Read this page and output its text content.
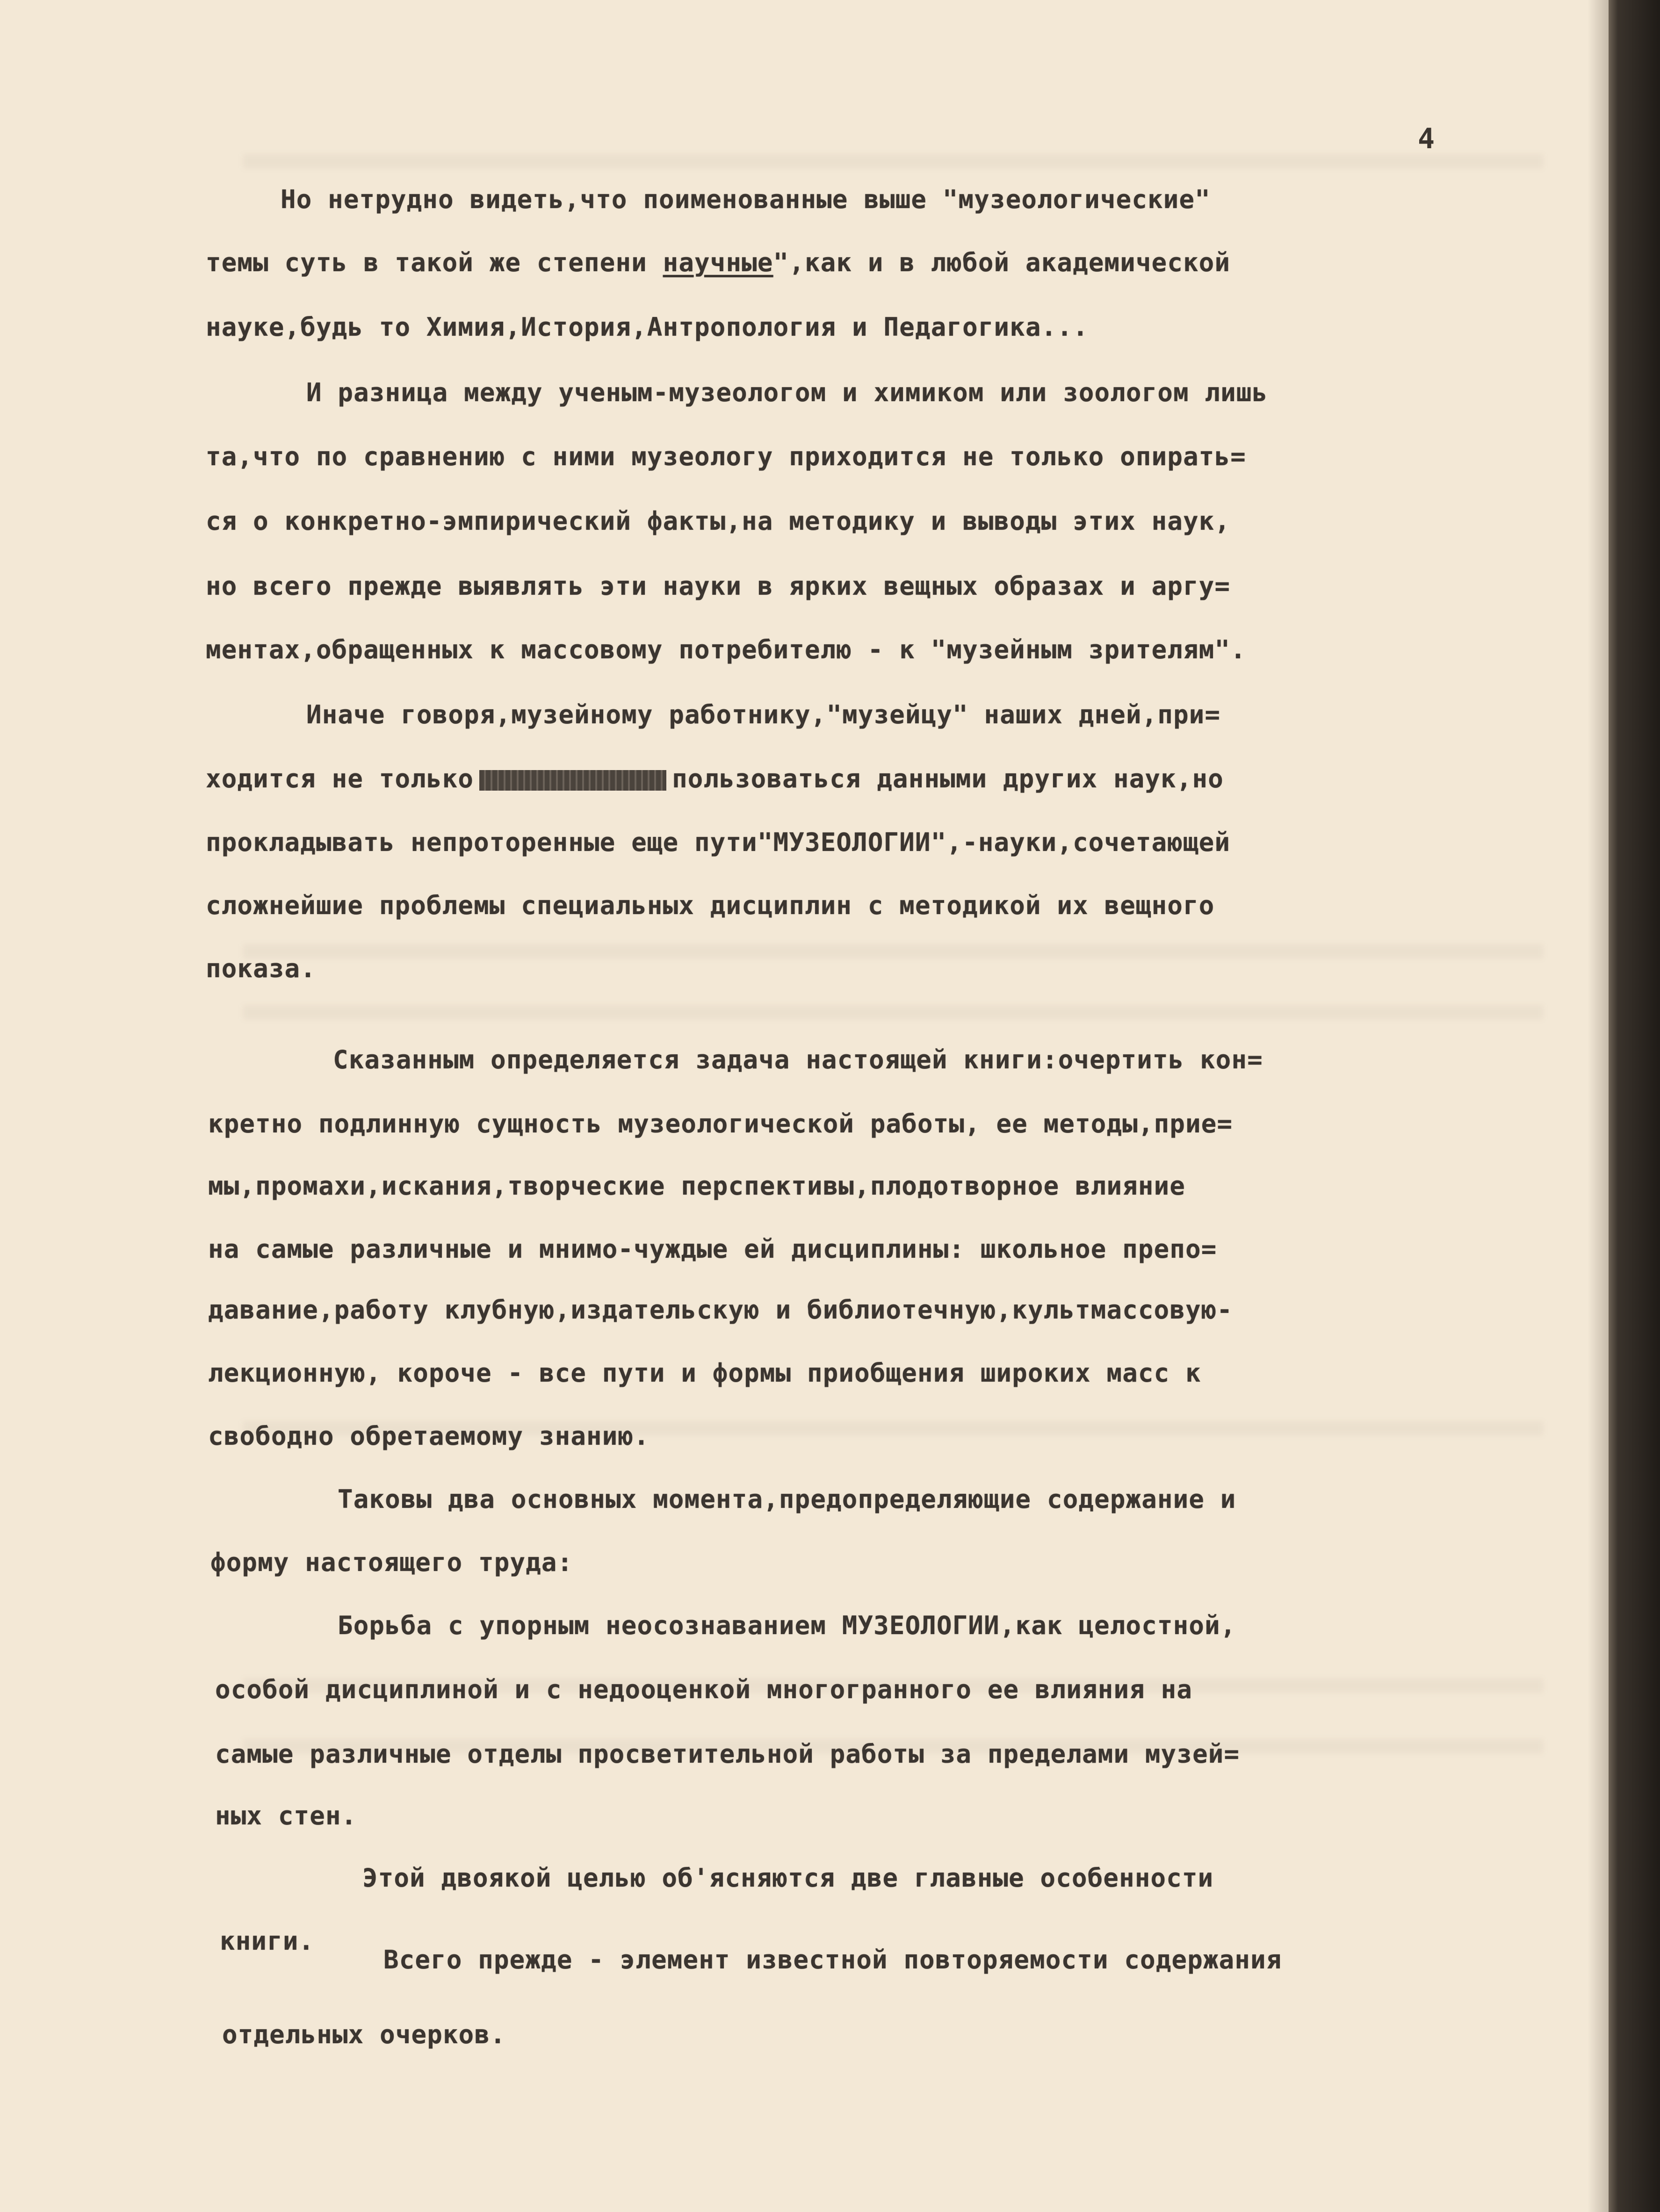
4

Но нетрудно видеть,что поименованные выше "музеологические"

темы суть в такой же степени научные",как и в любой академической

науке,будь то Химия,История,Антропология и Педагогика...

И разница между ученым-музеологом и химиком или зоологом лишь

та,что по сравнению с ними музеологу приходится не только опирать=

ся о конкретно-эмпирический факты,на методику и выводы этих наук,

но всего прежде выявлять эти науки в ярких вещных образах и аргу=

ментах,обращенных к массовому потребителю - к "музейным зрителям".

Иначе говоря,музейному работнику,"музейцу" наших дней,при=

ходится не только	пользоваться данными других наук,но

прокладывать непроторенные еще пути"МУЗЕОЛОГИИ",-науки,сочетающей

сложнейшие проблемы специальных дисциплин с методикой их вещного

показа.

Сказанным определяется задача настоящей книги:очертить кон=

кретно подлинную сущность музеологической работы, ее методы,прие=

мы,промахи,искания,творческие перспективы,плодотворное влияние

на самые различные и мнимо-чуждые ей дисциплины: школьное препо=

давание,работу клубную,издательскую и библиотечную,культмассовую-

лекционную, короче - все пути и формы приобщения широких масс к

свободно обретаемому знанию.

Таковы два основных момента,предопределяющие содержание и

форму настоящего труда:

Борьба с упорным неосознаванием МУЗЕОЛОГИИ,как целостной,

особой дисциплиной и с недооценкой многогранного ее влияния на

самые различные отделы просветительной работы за пределами музей=

ных стен.

Этой двоякой целью об'ясняются две главные особенности

книги.

Всего прежде - элемент известной повторяемости содержания

отдельных очерков.
